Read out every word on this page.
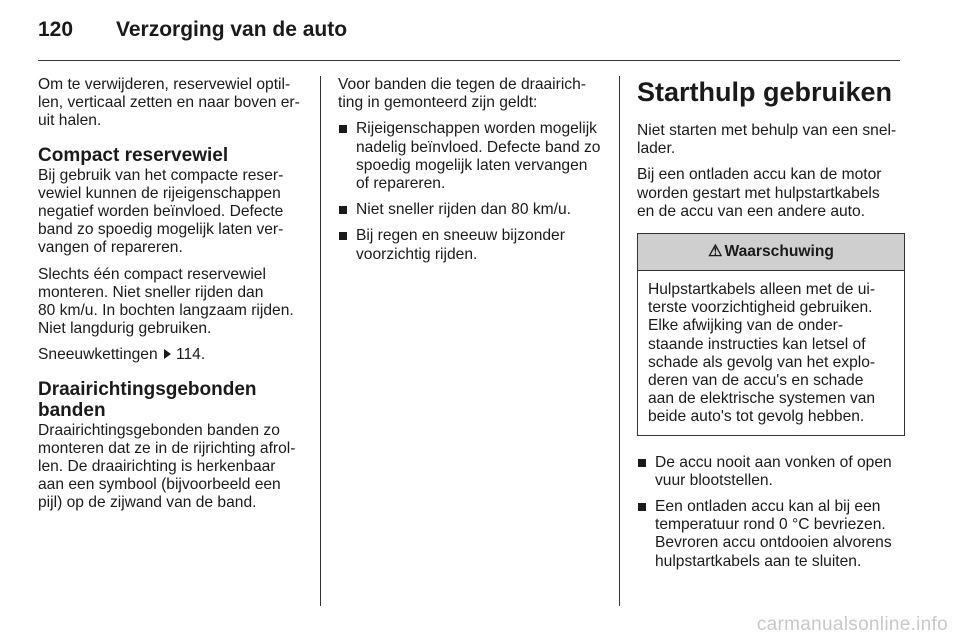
120 Verzorging van de auto

Om te verwijderen, reservewiel optil-
len, verticaal zetten en naar boven er-
uit halen.

Compact reservewiel

Bij gebruik van het compacte reser-
vewiel kunnen de rijeigenschappen
negatief worden beïnvloed. Defecte
band zo spoedig mogelijk laten ver-
vangen of repareren.

Slechts één compact reservewiel
monteren. Niet sneller rijden dan
80 km/u. In bochten langzaam rijden.
Niet langdurig gebruiken.

Sneeuwkettingen 114.

Draairichtingsgebonden
banden

Draairichtingsgebonden banden zo
monteren dat ze in de rijrichting afrol-
len. De draairichting is herkenbaar
aan een symbool (bijvoorbeeld een
pijl) op de zijwand van de band.

Voor banden die tegen de draairich-
ting in gemonteerd zijn geldt:

Rijeigenschappen worden mogelijk
nadelig beïnvloed. Defecte band zo
spoedig mogelijk laten vervangen
of repareren.
Niet sneller rijden dan 80 km/u.
Bij regen en sneeuw bijzonder
voorzichtig rijden.
Starthulp gebruiken

Niet starten met behulp van een snel-
lader.

Bij een ontladen accu kan de motor
worden gestart met hulpstartkabels
en de accu van een andere auto.

⚠ Waarschuwing
Hulpstartkabels alleen met de ui-
terste voorzichtigheid gebruiken.
Elke afwijking van de onder-
staande instructies kan letsel of
schade als gevolg van het explo-
deren van de accu's en schade
aan de elektrische systemen van
beide auto's tot gevolg hebben.
De accu nooit aan vonken of open
vuur blootstellen.
Een ontladen accu kan al bij een
temperatuur rond 0 °C bevriezen.
Bevroren accu ontdooien alvorens
hulpstartkabels aan te sluiten.
carmanualsonline.info
